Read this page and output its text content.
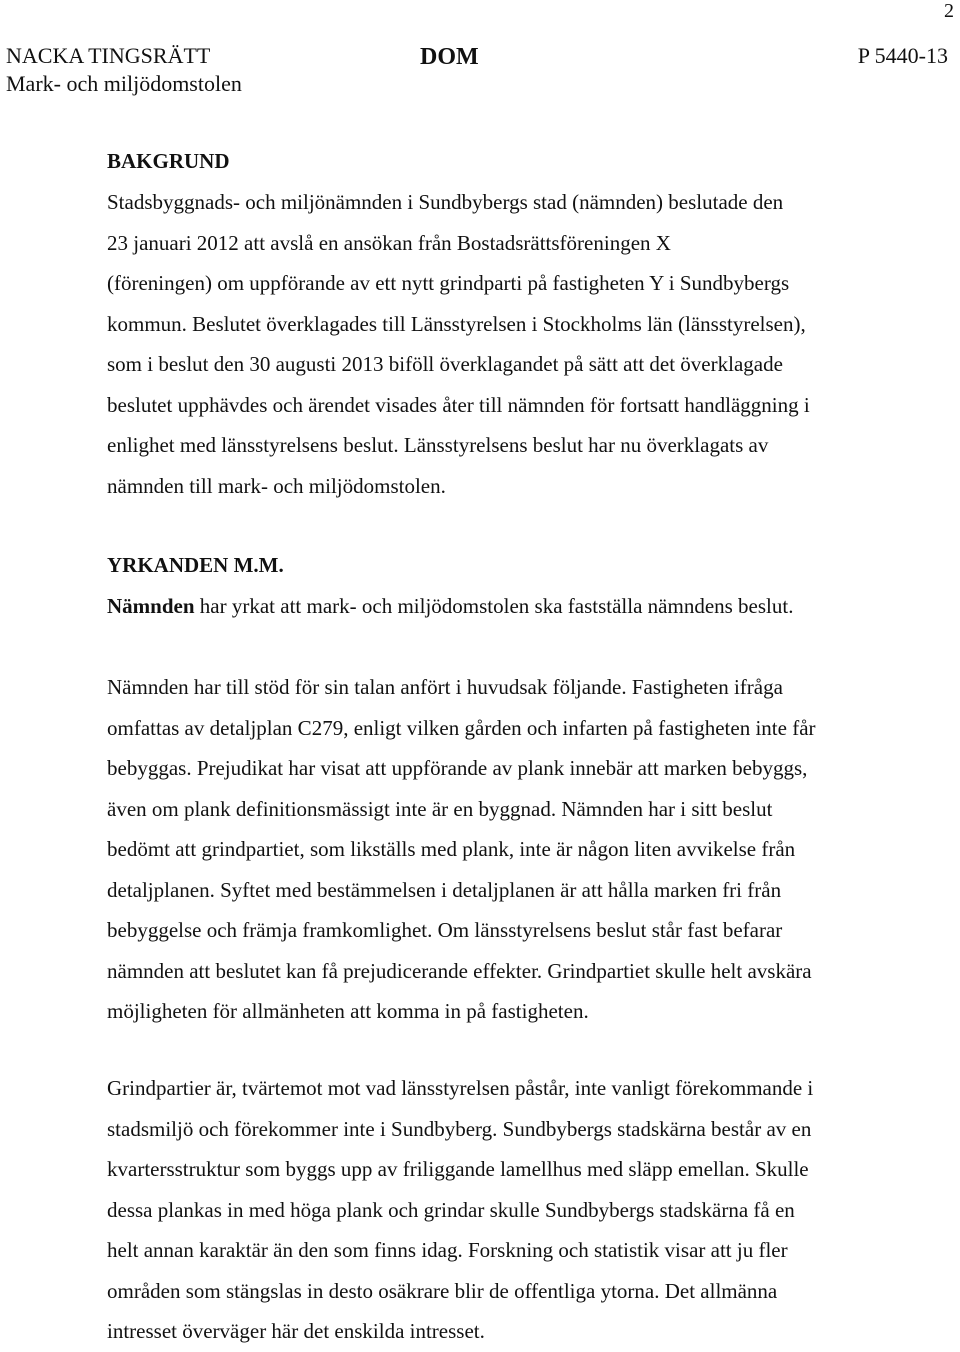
2
NACKA TINGSRÄTT
Mark- och miljödomstolen
DOM	P 5440-13
BAKGRUND
Stadsbyggnads- och miljönämnden i Sundbybergs stad (nämnden) beslutade den
23 januari 2012 att avslå en ansökan från Bostadsrättsföreningen X
(föreningen) om uppförande av ett nytt grindparti på fastigheten Y i Sundbybergs
kommun. Beslutet överklagades till Länsstyrelsen i Stockholms län (länsstyrelsen),
som i beslut den 30 augusti 2013 biföll överklagandet på sätt att det överklagade
beslutet upphävdes och ärendet visades åter till nämnden för fortsatt handläggning i
enlighet med länsstyrelsens beslut. Länsstyrelsens beslut har nu överklagats av
nämnden till mark- och miljödomstolen.
YRKANDEN M.M.
Nämnden har yrkat att mark- och miljödomstolen ska fastställa nämndens beslut.
Nämnden har till stöd för sin talan anfört i huvudsak följande. Fastigheten ifråga
omfattas av detaljplan C279, enligt vilken gården och infarten på fastigheten inte får
bebyggas. Prejudikat har visat att uppförande av plank innebär att marken bebyggs,
även om plank definitionsmässigt inte är en byggnad. Nämnden har i sitt beslut
bedömt att grindpartiet, som likställs med plank, inte är någon liten avvikelse från
detaljplanen. Syftet med bestämmelsen i detaljplanen är att hålla marken fri från
bebyggelse och främja framkomlighet. Om länsstyrelsens beslut står fast befarar
nämnden att beslutet kan få prejudicerande effekter. Grindpartiet skulle helt avskära
möjligheten för allmänheten att komma in på fastigheten.
Grindpartier är, tvärtemot mot vad länsstyrelsen påstår, inte vanligt förekommande i
stadsmiljö och förekommer inte i Sundbyberg. Sundbybergs stadskärna består av en
kvartersstruktur som byggs upp av friliggande lamellhus med släpp emellan. Skulle
dessa plankas in med höga plank och grindar skulle Sundbybergs stadskärna få en
helt annan karaktär än den som finns idag. Forskning och statistik visar att ju fler
områden som stängslas in desto osäkrare blir de offentliga ytorna. Det allmänna
intresset överväger här det enskilda intresset.
